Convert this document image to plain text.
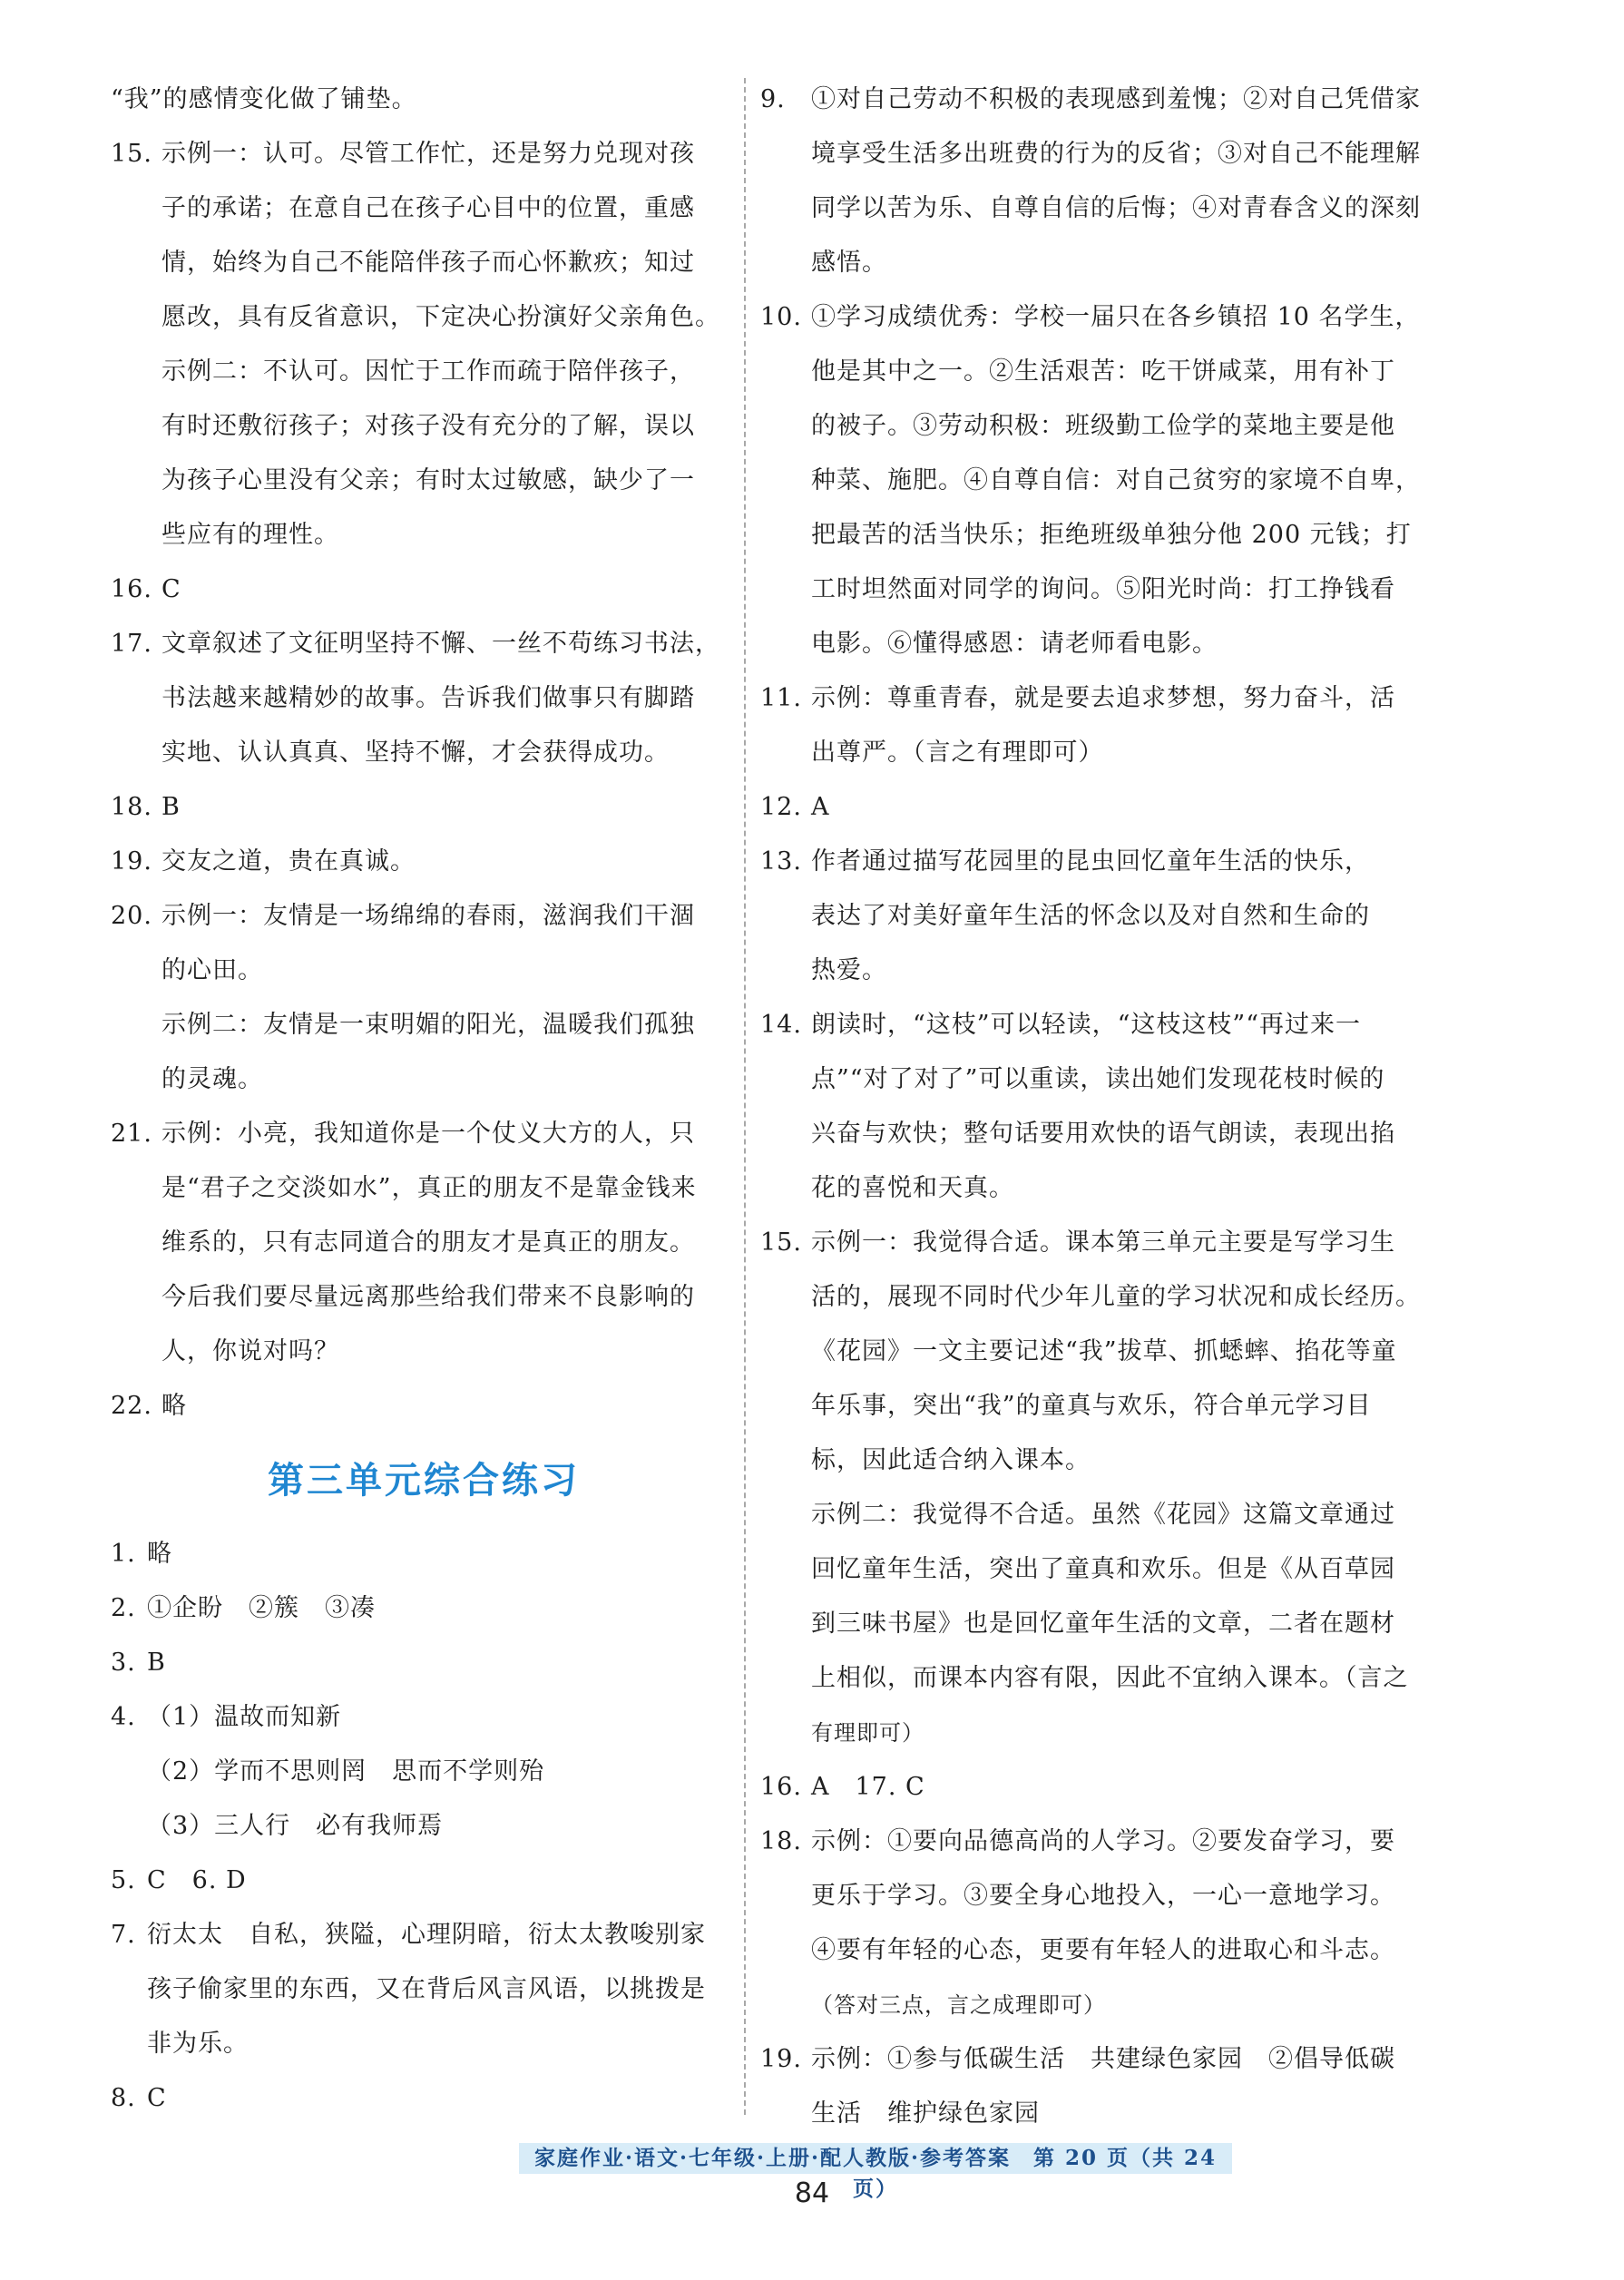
“我”的感情变化做了铺垫。
15. 示例一：认可。尽管工作忙，还是努力兑现对孩
子的承诺；在意自己在孩子心目中的位置，重感
情，始终为自己不能陪伴孩子而心怀歉疚；知过
愿改，具有反省意识，下定决心扮演好父亲角色。
示例二：不认可。因忙于工作而疏于陪伴孩子，
有时还敷衍孩子；对孩子没有充分的了解，误以
为孩子心里没有父亲；有时太过敏感，缺少了一
些应有的理性。
16. C
17. 文章叙述了文征明坚持不懈、一丝不苟练习书法，
书法越来越精妙的故事。告诉我们做事只有脚踏
实地、认认真真、坚持不懈，才会获得成功。
18. B
19. 交友之道，贵在真诚。
20. 示例一：友情是一场绵绵的春雨，滋润我们干涸
的心田。
示例二：友情是一束明媚的阳光，温暖我们孤独
的灵魂。
21. 示例：小亮，我知道你是一个仗义大方的人，只
是“君子之交淡如水”，真正的朋友不是靠金钱来
维系的，只有志同道合的朋友才是真正的朋友。
今后我们要尽量远离那些给我们带来不良影响的
人，你说对吗？
22. 略
第三单元综合练习
1. 略
2. ①企盼　②簇　③凑
3. B
4. （1）温故而知新
（2）学而不思则罔　思而不学则殆
（3）三人行　必有我师焉
5. C　6. D
7. 衍太太　自私，狭隘，心理阴暗，衍太太教唆别家
孩子偷家里的东西，又在背后风言风语，以挑拨是
非为乐。
8. C
9. ①对自己劳动不积极的表现感到羞愧；②对自己凭借家
境享受生活多出班费的行为的反省；③对自己不能理解
同学以苦为乐、自尊自信的后悔；④对青春含义的深刻
感悟。
10. ①学习成绩优秀：学校一届只在各乡镇招 10 名学生，
他是其中之一。②生活艰苦：吃干饼咸菜，用有补丁
的被子。③劳动积极：班级勤工俭学的菜地主要是他
种菜、施肥。④自尊自信：对自己贫穷的家境不自卑，
把最苦的活当快乐；拒绝班级单独分他 200 元钱；打
工时坦然面对同学的询问。⑤阳光时尚：打工挣钱看
电影。⑥懂得感恩：请老师看电影。
11. 示例：尊重青春，就是要去追求梦想，努力奋斗，活
出尊严。（言之有理即可）
12. A
13. 作者通过描写花园里的昆虫回忆童年生活的快乐，
表达了对美好童年生活的怀念以及对自然和生命的
热爱。
14. 朗读时，“这枝”可以轻读，“这枝这枝”“再过来一
点”“对了对了”可以重读，读出她们发现花枝时候的
兴奋与欢快；整句话要用欢快的语气朗读，表现出掐
花的喜悦和天真。
15. 示例一：我觉得合适。课本第三单元主要是写学习生
活的，展现不同时代少年儿童的学习状况和成长经历。
《花园》一文主要记述“我”拔草、抓蟋蟀、掐花等童
年乐事，突出“我”的童真与欢乐，符合单元学习目
标，因此适合纳入课本。
示例二：我觉得不合适。虽然《花园》这篇文章通过
回忆童年生活，突出了童真和欢乐。但是《从百草园
到三味书屋》也是回忆童年生活的文章，二者在题材
上相似，而课本内容有限，因此不宜纳入课本。（言之
有理即可）
16. A　17. C
18. 示例：①要向品德高尚的人学习。②要发奋学习，要
更乐于学习。③要全身心地投入，一心一意地学习。
④要有年轻的心态，更要有年轻人的进取心和斗志。
（答对三点，言之成理即可）
19. 示例：①参与低碳生活　共建绿色家园　②倡导低碳
生活　维护绿色家园
家庭作业·语文·七年级·上册·配人教版·参考答案　第 20 页（共 24 页）
84
